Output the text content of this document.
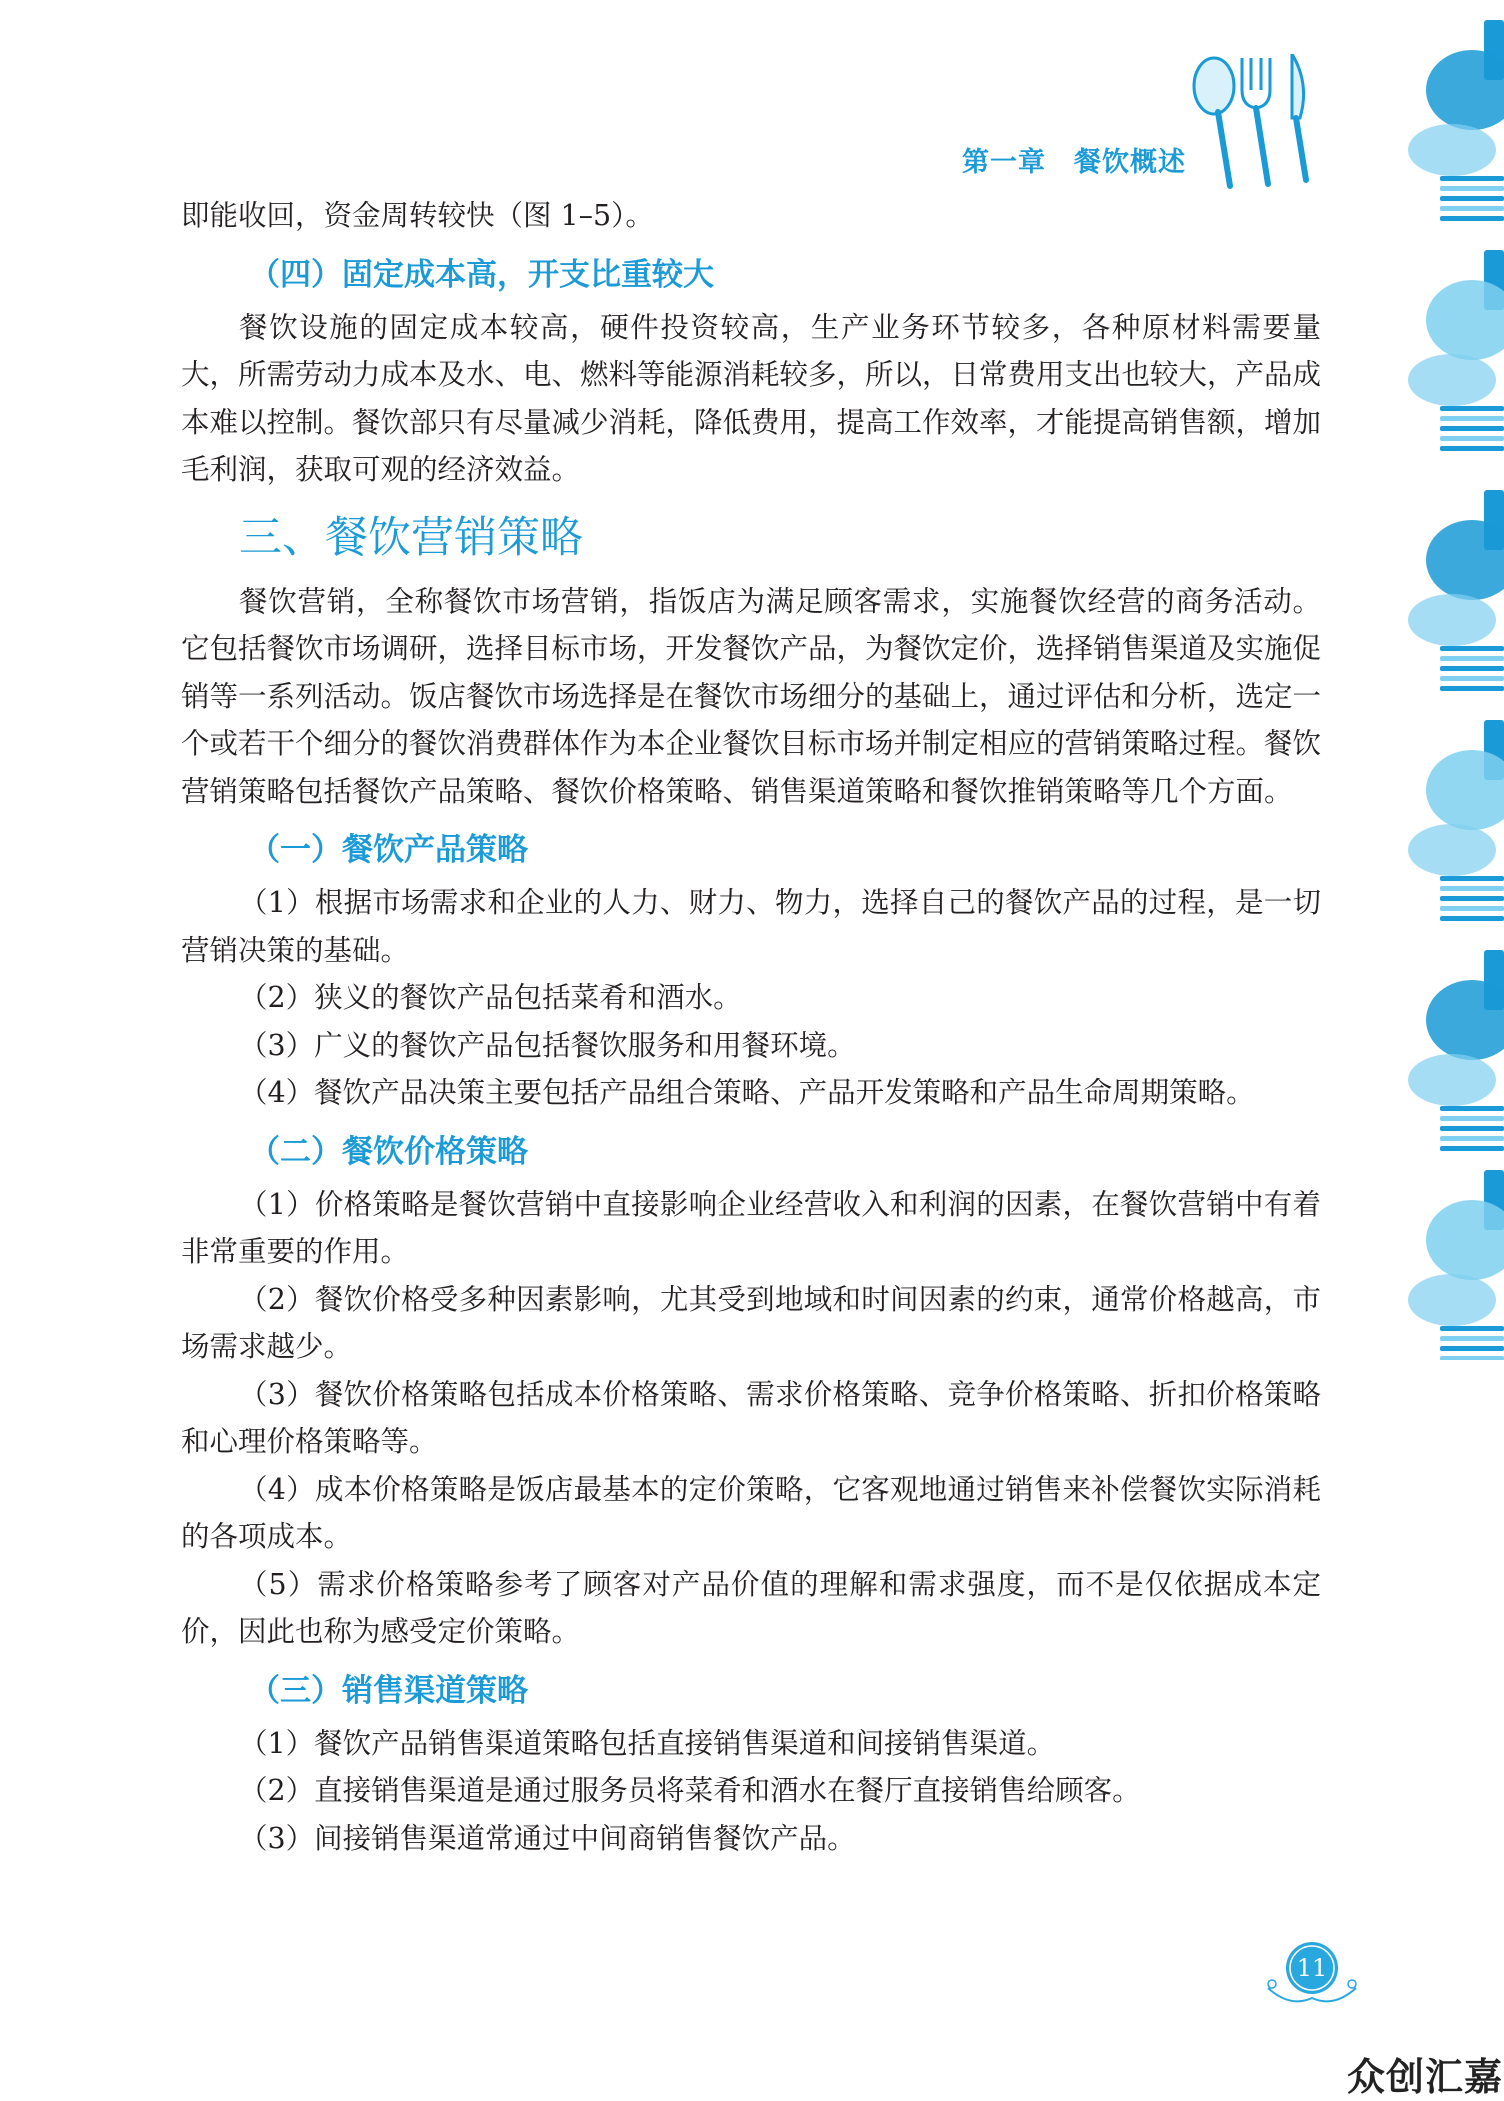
第一章　餐饮概述

即能收回，资金周转较快（图 1–5）。

（四）固定成本高，开支比重较大

餐饮设施的固定成本较高，硬件投资较高，生产业务环节较多，各种原材料需要量大，所需劳动力成本及水、电、燃料等能源消耗较多，所以，日常费用支出也较大，产品成本难以控制。餐饮部只有尽量减少消耗，降低费用，提高工作效率，才能提高销售额，增加毛利润，获取可观的经济效益。

三、餐饮营销策略

餐饮营销，全称餐饮市场营销，指饭店为满足顾客需求，实施餐饮经营的商务活动。它包括餐饮市场调研，选择目标市场，开发餐饮产品，为餐饮定价，选择销售渠道及实施促销等一系列活动。饭店餐饮市场选择是在餐饮市场细分的基础上，通过评估和分析，选定一个或若干个细分的餐饮消费群体作为本企业餐饮目标市场并制定相应的营销策略过程。餐饮营销策略包括餐饮产品策略、餐饮价格策略、销售渠道策略和餐饮推销策略等几个方面。

（一）餐饮产品策略

（1）根据市场需求和企业的人力、财力、物力，选择自己的餐饮产品的过程，是一切营销决策的基础。

（2）狭义的餐饮产品包括菜肴和酒水。

（3）广义的餐饮产品包括餐饮服务和用餐环境。

（4）餐饮产品决策主要包括产品组合策略、产品开发策略和产品生命周期策略。

（二）餐饮价格策略

（1）价格策略是餐饮营销中直接影响企业经营收入和利润的因素，在餐饮营销中有着非常重要的作用。

（2）餐饮价格受多种因素影响，尤其受到地域和时间因素的约束，通常价格越高，市场需求越少。

（3）餐饮价格策略包括成本价格策略、需求价格策略、竞争价格策略、折扣价格策略和心理价格策略等。

（4）成本价格策略是饭店最基本的定价策略，它客观地通过销售来补偿餐饮实际消耗的各项成本。

（5）需求价格策略参考了顾客对产品价值的理解和需求强度，而不是仅依据成本定价，因此也称为感受定价策略。

（三）销售渠道策略

（1）餐饮产品销售渠道策略包括直接销售渠道和间接销售渠道。

（2）直接销售渠道是通过服务员将菜肴和酒水在餐厅直接销售给顾客。

（3）间接销售渠道常通过中间商销售餐饮产品。

11
众创汇嘉
